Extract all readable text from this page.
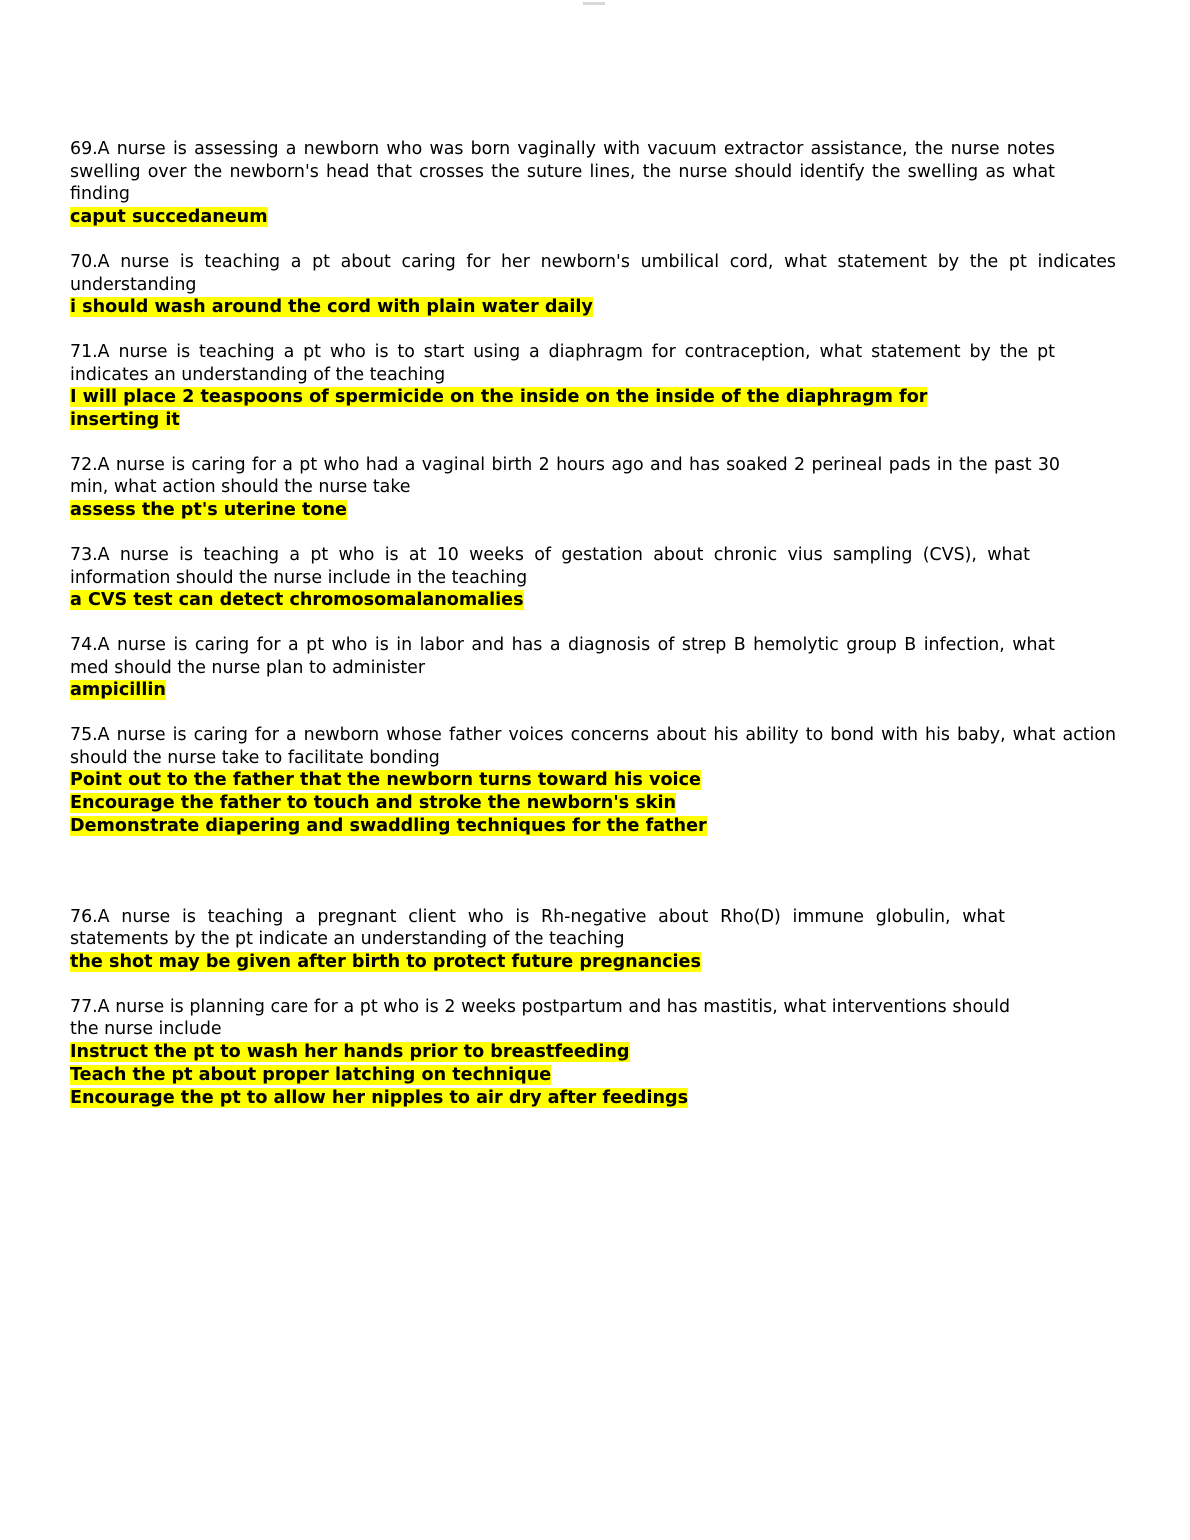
69.A nurse is assessing a newborn who was born vaginally with vacuum extractor assistance, the nurse notes swelling over the newborn's head that crosses the suture lines, the nurse should identify the swelling as what finding

caput succedaneum

70.A nurse is teaching a pt about caring for her newborn's umbilical cord, what statement by the pt indicates understanding

i should wash around the cord with plain water daily

71.A nurse is teaching a pt who is to start using a diaphragm for contraception, what statement by the pt indicates an understanding of the teaching

I will place 2 teaspoons of spermicide on the inside on the inside of the diaphragm for
inserting it

72.A nurse is caring for a pt who had a vaginal birth 2 hours ago and has soaked 2 perineal pads in the past 30 min, what action should the nurse take

assess the pt's uterine tone

73.A nurse is teaching a pt who is at 10 weeks of gestation about chronic vius sampling (CVS), what information should the nurse include in the teaching

a CVS test can detect chromosomalanomalies

74.A nurse is caring for a pt who is in labor and has a diagnosis of strep B hemolytic group B infection, what med should the nurse plan to administer

ampicillin

75.A nurse is caring for a newborn whose father voices concerns about his ability to bond with his baby, what action should the nurse take to facilitate bonding

Point out to the father that the newborn turns toward his voice
Encourage the father to touch and stroke the newborn's skin
Demonstrate diapering and swaddling techniques for the father

76.A nurse is teaching a pregnant client who is Rh-negative about Rho(D) immune globulin, what statements by the pt indicate an understanding of the teaching

the shot may be given after birth to protect future pregnancies

77.A nurse is planning care for a pt who is 2 weeks postpartum and has mastitis, what interventions should the nurse include

Instruct the pt to wash her hands prior to breastfeeding
Teach the pt about proper latching on technique
Encourage the pt to allow her nipples to air dry after feedings
